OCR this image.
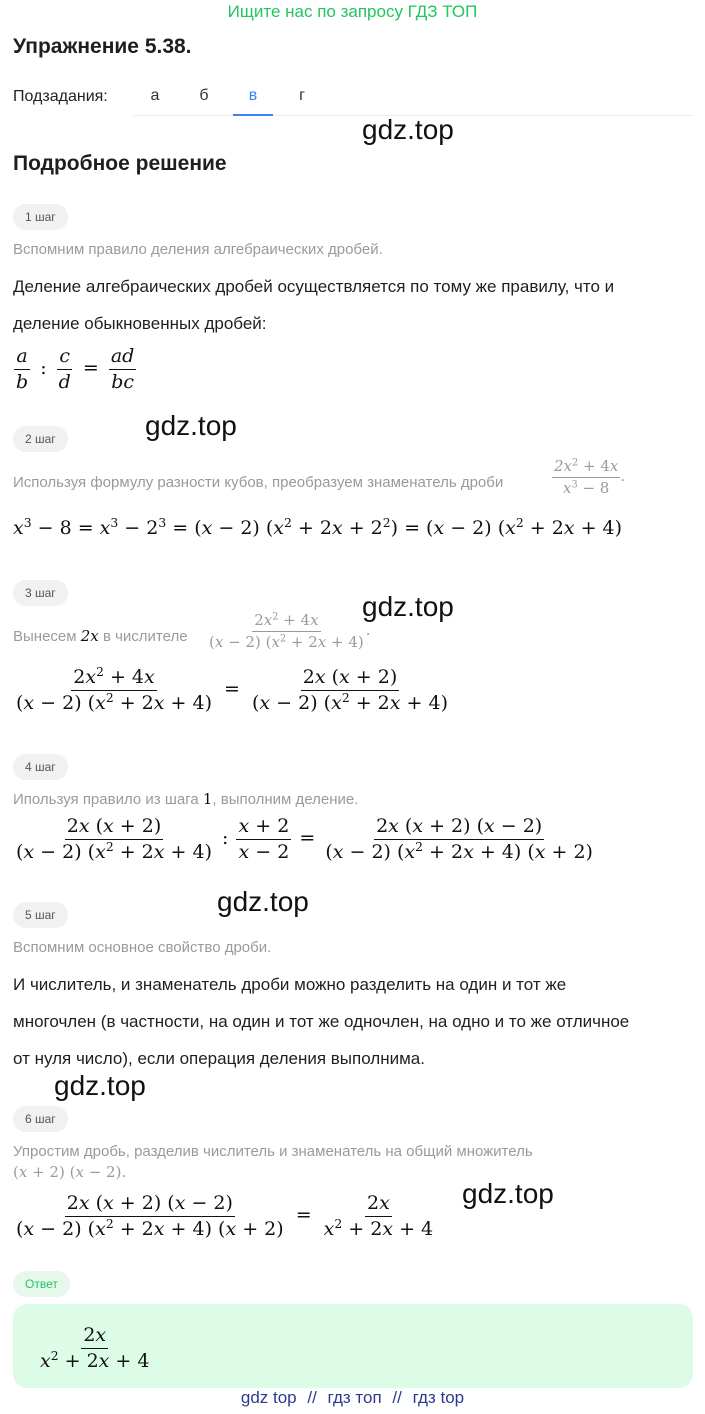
Ищите нас по запросу ГДЗ ТОП
Упражнение 5.38.
Подзадания:	а	б	в	г
gdz.top
Подробное решение
1 шаг
Вспомним правило деления алгебраических дробей.
Деление алгебраических дробей осуществляется по тому же правилу, что и
деление обыкновенных дробей:
$\frac{a}{b}$ : $\frac{c}{d} = \frac{ad}{bc}$
gdz.top
2 шаг
Используя формулу разности кубов, преобразуем знаменатель дроби	$\frac{2x^2 + 4x}{x^3 - 8}$ .
$x^3 - 8 = x^3 - 2^3 = (x - 2) (x^2 + 2x + 2^2) = (x - 2) (x^2 + 2x + 4)$
gdz.top
3 шаг
Вынесем 2x в числителе $\frac{2x^2 + 4x}{(x - 2) (x^2 + 2x + 4)}$ .
$\frac{2x^2 + 4x}{(x - 2) (x^2 + 2x + 4)} = \frac{2x (x + 2)}{(x - 2) (x^2 + 2x + 4)}$
4 шаг
Ипользуя правило из шага 1, выполним деление.
$\frac{2x (x + 2)}{(x - 2) (x^2 + 2x + 4)}$ : $\frac{x + 2}{x - 2} = \frac{2x (x + 2) (x - 2)}{(x - 2) (x^2 + 2x + 4) (x + 2)}$
gdz.top
5 шаг
Вспомним основное свойство дроби.
И числитель, и знаменатель дроби можно разделить на один и тот же
многочлен (в частности, на один и тот же одночлен, на одно и то же отличное
от нуля число), если операция деления выполнима.
gdz.top
6 шаг
Упростим дробь, разделив числитель и знаменатель на общий множитель
(x + 2) (x − 2).
$\frac{2x (x + 2) (x - 2)}{(x - 2) (x^2 + 2x + 4) (x + 2)} = \frac{2x}{x^2 + 2x + 4} gdz.top$
Ответ
$\frac{2x}{x^2 + 2x + 4}$
gdz top // гдз топ // гдз top
